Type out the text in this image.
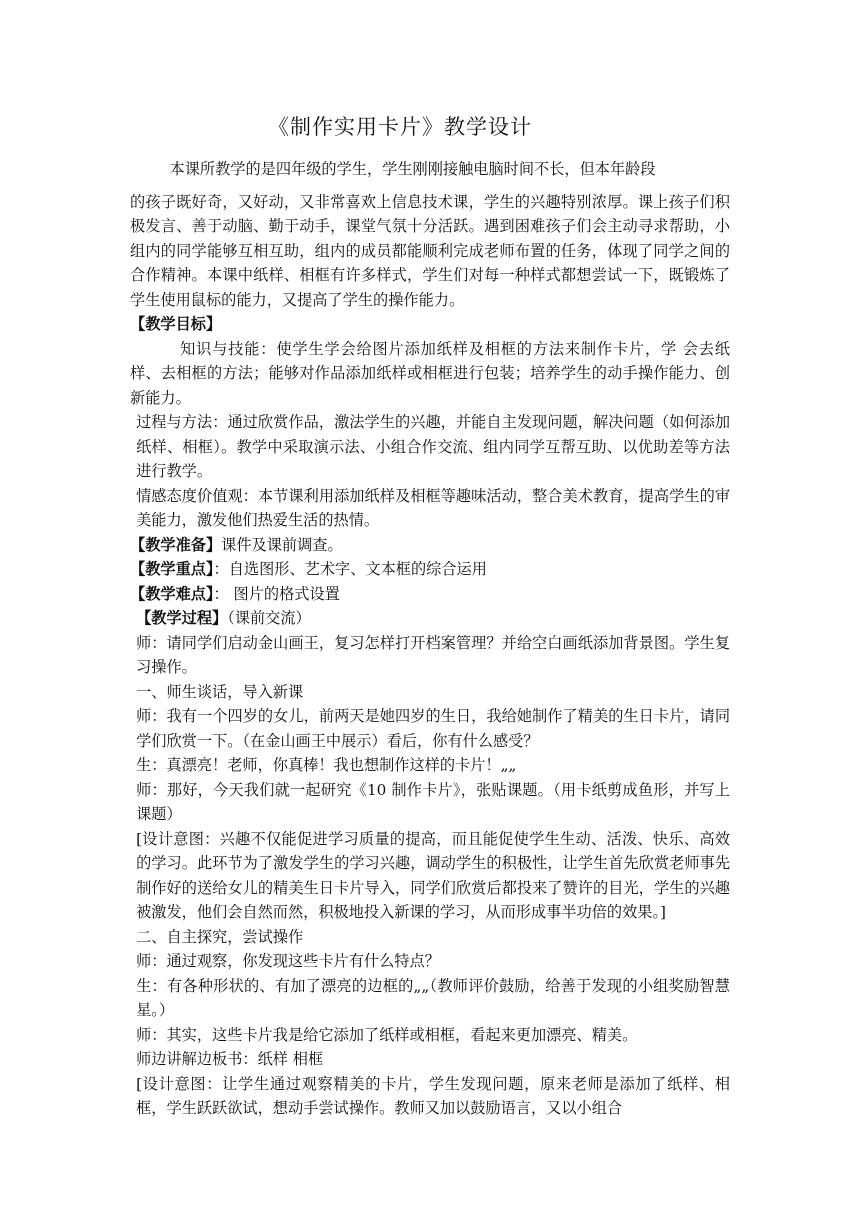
《制作实用卡片》教学设计

本课所教学的是四年级的学生，学生刚刚接触电脑时间不长，但本年龄段

的孩子既好奇，又好动，又非常喜欢上信息技术课，学生的兴趣特别浓厚。课上孩子们积极发言、善于动脑、勤于动手，课堂气氛十分活跃。遇到困难孩子们会主动寻求帮助，小组内的同学能够互相互助，组内的成员都能顺利完成老师布置的任务，体现了同学之间的合作精神。本课中纸样、相框有许多样式，学生们对每一种样式都想尝试一下，既锻炼了学生使用鼠标的能力，又提高了学生的操作能力。

【教学目标】

知识与技能：使学生学会给图片添加纸样及相框的方法来制作卡片，学 会去纸样、去相框的方法；能够对作品添加纸样或相框进行包装；培养学生的动手操作能力、创新能力。

过程与方法：通过欣赏作品，激法学生的兴趣，并能自主发现问题，解决问题（如何添加纸样、相框）。教学中采取演示法、小组合作交流、组内同学互帮互助、以优助差等方法进行教学。

情感态度价值观：本节课利用添加纸样及相框等趣味活动，整合美术教育，提高学生的审美能力，激发他们热爱生活的热情。

【教学准备】课件及课前调查。

【教学重点】：自选图形、艺术字、文本框的综合运用

【教学难点】： 图片的格式设置

【教学过程】（课前交流）

师：请同学们启动金山画王，复习怎样打开档案管理？并给空白画纸添加背景图。学生复习操作。

一、师生谈话，导入新课

师：我有一个四岁的女儿，前两天是她四岁的生日，我给她制作了精美的生日卡片，请同学们欣赏一下。（在金山画王中展示）看后，你有什么感受？

生：真漂亮！老师，你真棒！我也想制作这样的卡片！„„

师：那好，今天我们就一起研究《10 制作卡片》，张贴课题。（用卡纸剪成鱼形，并写上课题）

[设计意图：兴趣不仅能促进学习质量的提高，而且能促使学生生动、活泼、快乐、高效的学习。此环节为了激发学生的学习兴趣，调动学生的积极性，让学生首先欣赏老师事先制作好的送给女儿的精美生日卡片导入，同学们欣赏后都投来了赞许的目光，学生的兴趣被激发，他们会自然而然，积极地投入新课的学习，从而形成事半功倍的效果。]

二、自主探究，尝试操作

师：通过观察，你发现这些卡片有什么特点？

生：有各种形状的、有加了漂亮的边框的„„（教师评价鼓励，给善于发现的小组奖励智慧星。）

师：其实，这些卡片我是给它添加了纸样或相框，看起来更加漂亮、精美。

师边讲解边板书：纸样 相框

[设计意图：让学生通过观察精美的卡片，学生发现问题，原来老师是添加了纸样、相框，学生跃跃欲试，想动手尝试操作。教师又加以鼓励语言，又以小组合
